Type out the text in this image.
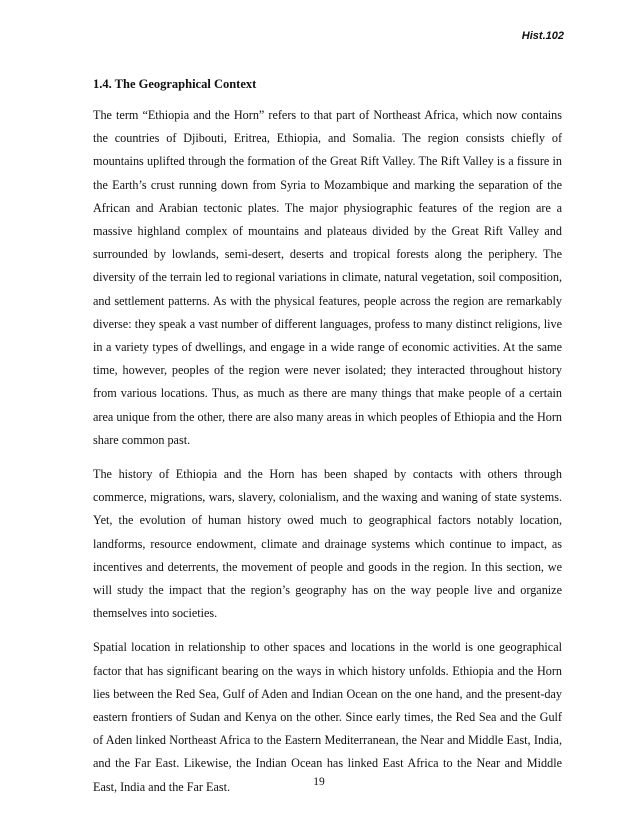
Hist.102
1.4. The Geographical Context

The term “Ethiopia and the Horn” refers to that part of Northeast Africa, which now contains the countries of Djibouti, Eritrea, Ethiopia, and Somalia. The region consists chiefly of mountains uplifted through the formation of the Great Rift Valley. The Rift Valley is a fissure in the Earth’s crust running down from Syria to Mozambique and marking the separation of the African and Arabian tectonic plates. The major physiographic features of the region are a massive highland complex of mountains and plateaus divided by the Great Rift Valley and surrounded by lowlands, semi-desert, deserts and tropical forests along the periphery. The diversity of the terrain led to regional variations in climate, natural vegetation, soil composition, and settlement patterns. As with the physical features, people across the region are remarkably diverse: they speak a vast number of different languages, profess to many distinct religions, live in a variety types of dwellings, and engage in a wide range of economic activities. At the same time, however, peoples of the region were never isolated; they interacted throughout history from various locations. Thus, as much as there are many things that make people of a certain area unique from the other, there are also many areas in which peoples of Ethiopia and the Horn share common past.

The history of Ethiopia and the Horn has been shaped by contacts with others through commerce, migrations, wars, slavery, colonialism, and the waxing and waning of state systems. Yet, the evolution of human history owed much to geographical factors notably location, landforms, resource endowment, climate and drainage systems which continue to impact, as incentives and deterrents, the movement of people and goods in the region. In this section, we will study the impact that the region’s geography has on the way people live and organize themselves into societies.

Spatial location in relationship to other spaces and locations in the world is one geographical factor that has significant bearing on the ways in which history unfolds. Ethiopia and the Horn lies between the Red Sea, Gulf of Aden and Indian Ocean on the one hand, and the present-day eastern frontiers of Sudan and Kenya on the other. Since early times, the Red Sea and the Gulf of Aden linked Northeast Africa to the Eastern Mediterranean, the Near and Middle East, India, and the Far East. Likewise, the Indian Ocean has linked East Africa to the Near and Middle East, India and the Far East.	19
